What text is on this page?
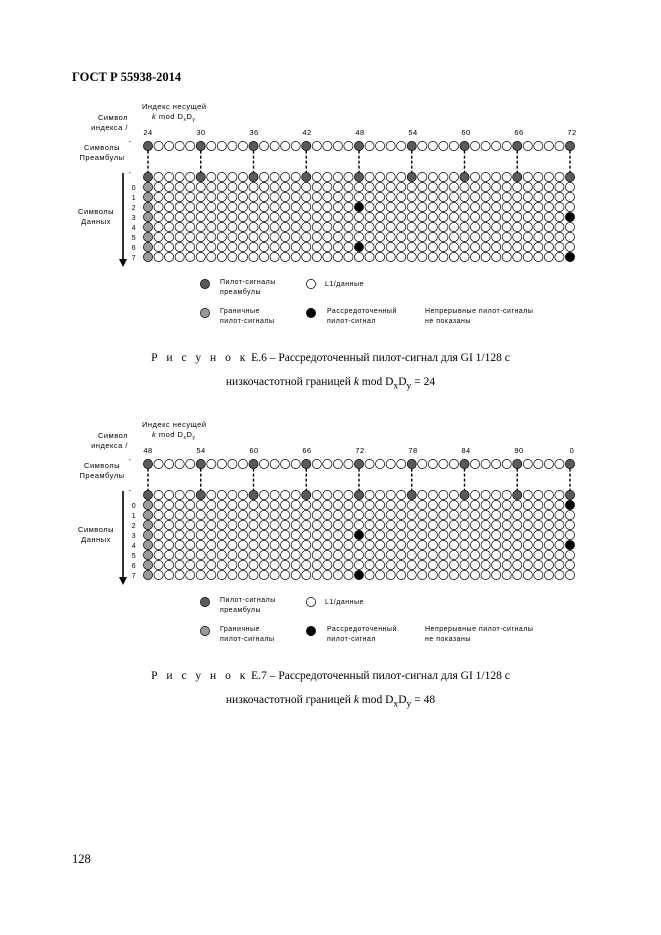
ГОСТ Р 55938-2014
Индекс несущей
k mod $D_xD_y$
Символ
индекса /
24	30	36	42	48	54	60	66	72
Символы
Преамбулы
-
-
Символы
Данных
0
1
2
3
4
5
6
7
Пилот-сигналы
преамбулы
L1/данные
Граничные
пилот-сигналы
Рассредоточенный
пилот-сигнал
Непрерывные пилот-сигналы
не показаны
Р и с у н о к Е.6 – Рассредоточенный пилот-сигнал для GI 1/128 с
низкочастотной границей k mod $D_xD_y = 24$
Индекс несущей
k mod $D_xD_y$
Символ
индекса /
48	54	60	66	72	78	84	90	0
Символы
Преамбулы
-
-
Символы
Данных
0
1
2
3
4
5
6
7
Пилот-сигналы
преамбулы
L1/данные
Граничные
пилот-сигналы
Рассредоточенный
пилот-сигнал
Непрерывные пилот-сигналы
не показаны
Р и с у н о к Е.7 – Рассредоточенный пилот-сигнал для GI 1/128 с
низкочастотной границей k mod $D_xD_y = 48$
128
